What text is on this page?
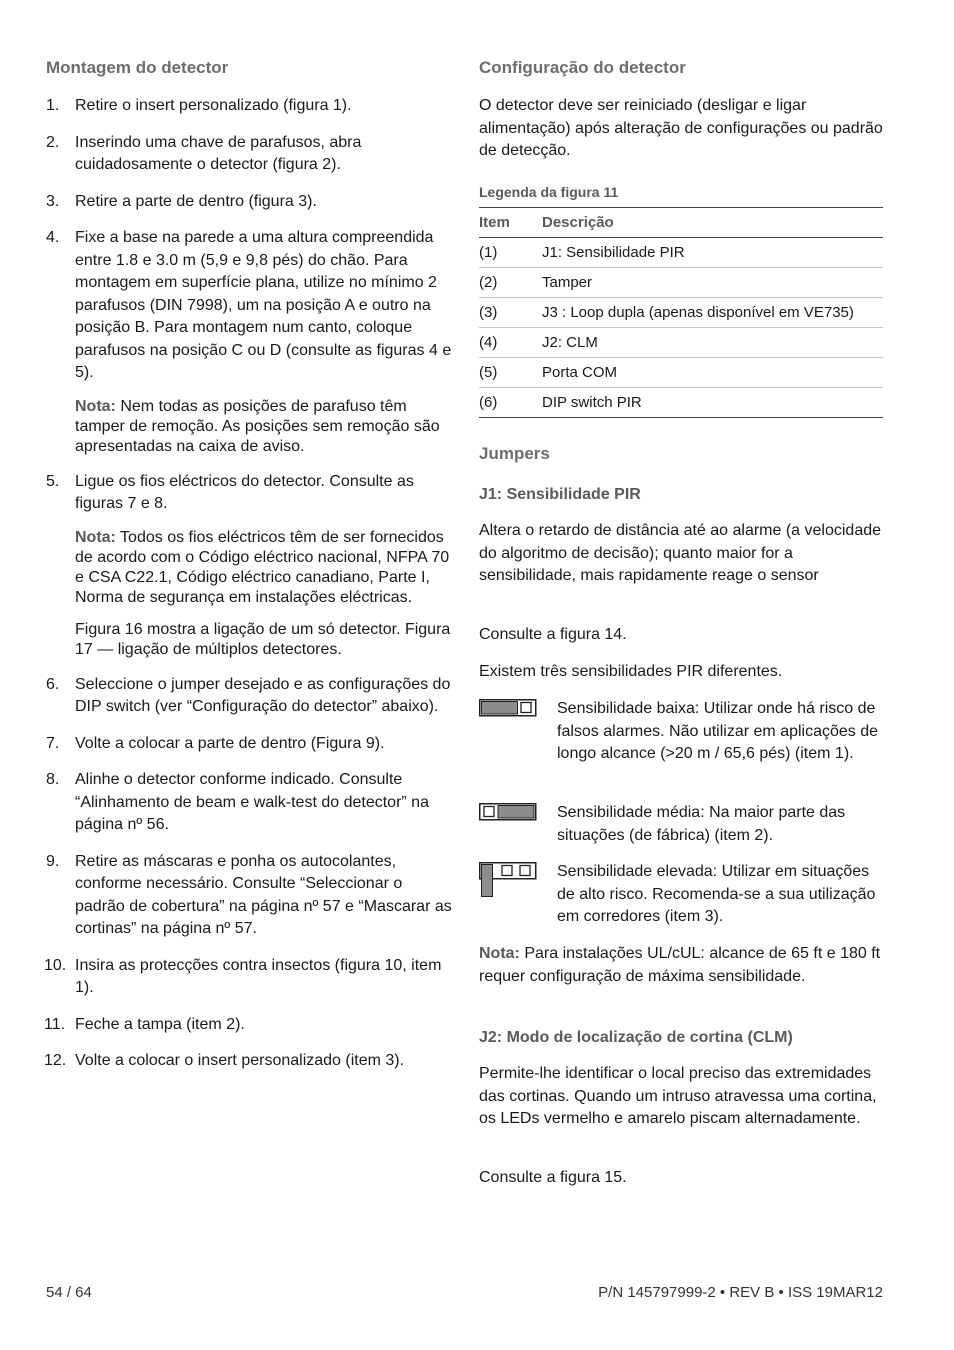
Montagem do detector
1. Retire o insert personalizado (figura 1).

2. Inserindo uma chave de parafusos, abra cuidadosamente o detector (figura 2).

3. Retire a parte de dentro (figura 3).

4. Fixe a base na parede a uma altura compreendida entre 1.8 e 3.0 m (5,9 e 9,8 pés) do chão. Para montagem em superfície plana, utilize no mínimo 2 parafusos (DIN 7998), um na posição A e outro na posição B. Para montagem num canto, coloque parafusos na posição C ou D (consulte as figuras 4 e 5).

Nota: Nem todas as posições de parafuso têm tamper de remoção. As posições sem remoção são apresentadas na caixa de aviso.

5. Ligue os fios eléctricos do detector. Consulte as figuras 7 e 8.

Nota: Todos os fios eléctricos têm de ser fornecidos de acordo com o Código eléctrico nacional, NFPA 70 e CSA C22.1, Código eléctrico canadiano, Parte I, Norma de segurança em instalações eléctricas.

Figura 16 mostra a ligação de um só detector. Figura 17 — ligação de múltiplos detectores.

6. Seleccione o jumper desejado e as configurações do DIP switch (ver “Configuração do detector” abaixo).

7. Volte a colocar a parte de dentro (Figura 9).

8. Alinhe o detector conforme indicado. Consulte “Alinhamento de beam e walk-test do detector” na página nº 56.

9. Retire as máscaras e ponha os autocolantes, conforme necessário. Consulte “Seleccionar o padrão de cobertura” na página nº 57 e “Mascarar as cortinas” na página nº 57.

10. Insira as protecções contra insectos (figura 10, item 1).

11. Feche a tampa (item 2).

12. Volte a colocar o insert personalizado (item 3).

Configuração do detector

O detector deve ser reiniciado (desligar e ligar alimentação) após alteração de configurações ou padrão de detecção.

Legenda da figura 11
Item	Descrição
(1)	J1: Sensibilidade PIR
(2)	Tamper
(3)	J3 : Loop dupla (apenas disponível em VE735)
(4)	J2: CLM
(5)	Porta COM
(6)	DIP switch PIR
Jumpers
J1: Sensibilidade PIR

Altera o retardo de distância até ao alarme (a velocidade do algoritmo de decisão); quanto maior for a sensibilidade, mais rapidamente reage o sensor

Consulte a figura 14.

Existem três sensibilidades PIR diferentes.

Sensibilidade baixa: Utilizar onde há risco de falsos alarmes. Não utilizar em aplicações de longo alcance (>20 m / 65,6 pés) (item 1).
Sensibilidade média: Na maior parte das situações (de fábrica) (item 2).
Sensibilidade elevada: Utilizar em situações de alto risco. Recomenda-se a sua utilização em corredores (item 3).

Nota: Para instalações UL/cUL: alcance de 65 ft e 180 ft requer configuração de máxima sensibilidade.

J2: Modo de localização de cortina (CLM)

Permite-lhe identificar o local preciso das extremidades das cortinas. Quando um intruso atravessa uma cortina, os LEDs vermelho e amarelo piscam alternadamente.

Consulte a figura 15.

54 / 64	P/N 145797999-2 • REV B • ISS 19MAR12
